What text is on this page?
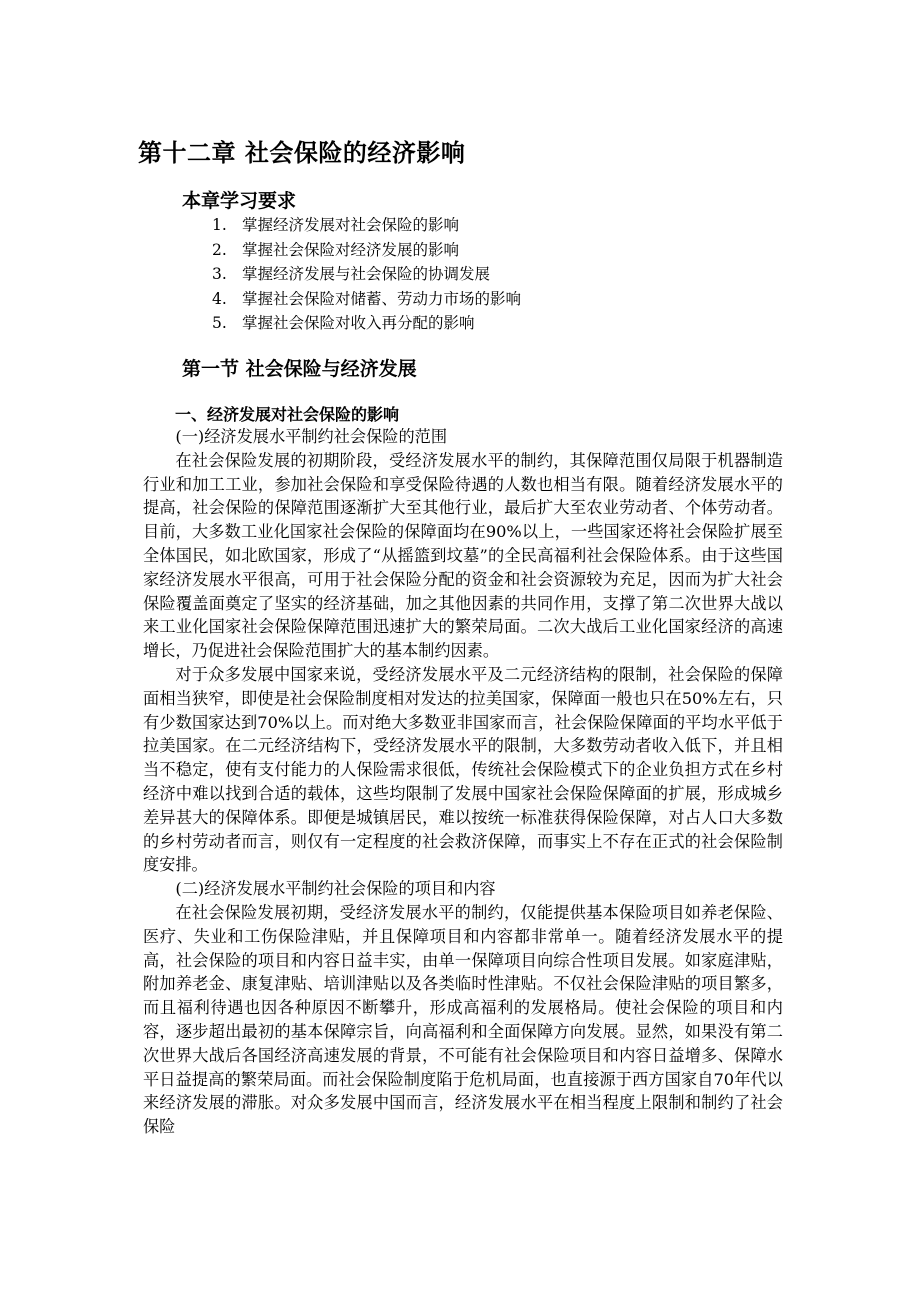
第十二章 社会保险的经济影响
本章学习要求
1. 掌握经济发展对社会保险的影响
2. 掌握社会保险对经济发展的影响
3. 掌握经济发展与社会保险的协调发展
4. 掌握社会保险对储蓄、劳动力市场的影响
5. 掌握社会保险对收入再分配的影响
第一节 社会保险与经济发展
一、经济发展对社会保险的影响

(一)经济发展水平制约社会保险的范围

在社会保险发展的初期阶段，受经济发展水平的制约，其保障范围仅局限于机器制造行业和加工工业，参加社会保险和享受保险待遇的人数也相当有限。随着经济发展水平的提高，社会保险的保障范围逐渐扩大至其他行业，最后扩大至农业劳动者、个体劳动者。目前，大多数工业化国家社会保险的保障面均在90%以上，一些国家还将社会保险扩展至全体国民，如北欧国家，形成了“从摇篮到坟墓”的全民高福利社会保险体系。由于这些国家经济发展水平很高，可用于社会保险分配的资金和社会资源较为充足，因而为扩大社会保险覆盖面奠定了坚实的经济基础，加之其他因素的共同作用，支撑了第二次世界大战以来工业化国家社会保险保障范围迅速扩大的繁荣局面。二次大战后工业化国家经济的高速增长，乃促进社会保险范围扩大的基本制约因素。

对于众多发展中国家来说，受经济发展水平及二元经济结构的限制，社会保险的保障面相当狭窄，即使是社会保险制度相对发达的拉美国家，保障面一般也只在50%左右，只有少数国家达到70%以上。而对绝大多数亚非国家而言，社会保险保障面的平均水平低于拉美国家。在二元经济结构下，受经济发展水平的限制，大多数劳动者收入低下，并且相当不稳定，使有支付能力的人保险需求很低，传统社会保险模式下的企业负担方式在乡村经济中难以找到合适的载体，这些均限制了发展中国家社会保险保障面的扩展，形成城乡差异甚大的保障体系。即便是城镇居民，难以按统一标准获得保险保障，对占人口大多数的乡村劳动者而言，则仅有一定程度的社会救济保障，而事实上不存在正式的社会保险制度安排。

(二)经济发展水平制约社会保险的项目和内容

在社会保险发展初期，受经济发展水平的制约，仅能提供基本保险项目如养老保险、医疗、失业和工伤保险津贴，并且保障项目和内容都非常单一。随着经济发展水平的提高，社会保险的项目和内容日益丰实，由单一保障项目向综合性项目发展。如家庭津贴，附加养老金、康复津贴、培训津贴以及各类临时性津贴。不仅社会保险津贴的项目繁多，而且福利待遇也因各种原因不断攀升，形成高福利的发展格局。使社会保险的项目和内容，逐步超出最初的基本保障宗旨，向高福利和全面保障方向发展。显然，如果没有第二次世界大战后各国经济高速发展的背景，不可能有社会保险项目和内容日益增多、保障水平日益提高的繁荣局面。而社会保险制度陷于危机局面，也直接源于西方国家自70年代以来经济发展的滞胀。对众多发展中国而言，经济发展水平在相当程度上限制和制约了社会保险
